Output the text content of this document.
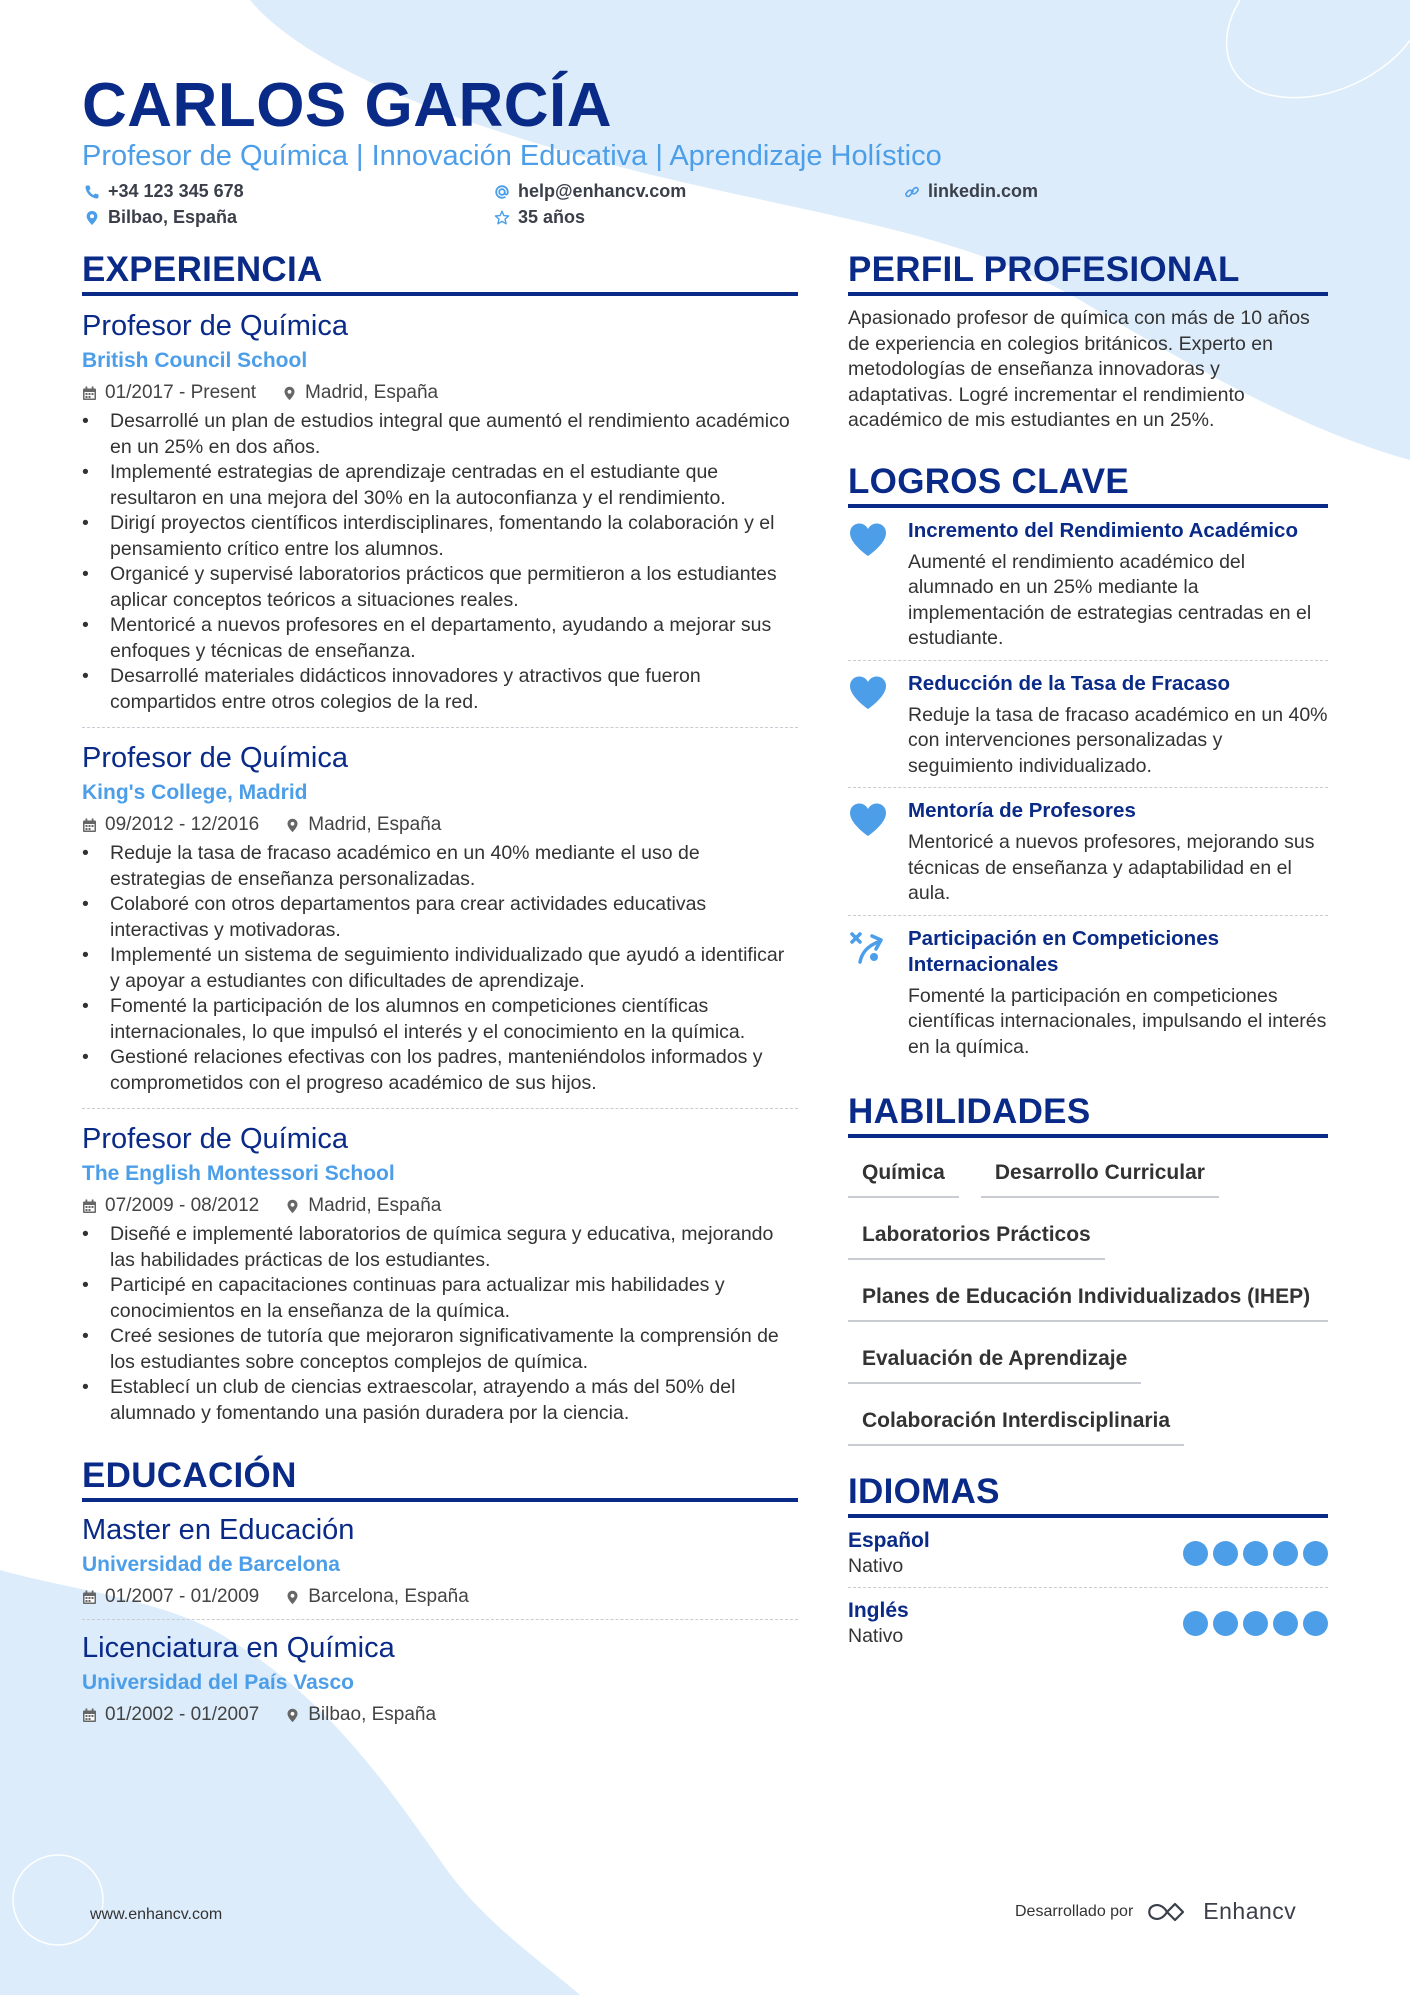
CARLOS GARCÍA
Profesor de Química | Innovación Educativa | Aprendizaje Holístico
+34 123 345 678	help@enhancv.com	linkedin.com
Bilbao, España	35 años
EXPERIENCIA
Profesor de Química
British Council School
01/2017 - Present	Madrid, España
• Desarrollé un plan de estudios integral que aumentó el rendimiento académico en un 25% en dos años.
• Implementé estrategias de aprendizaje centradas en el estudiante que resultaron en una mejora del 30% en la autoconfianza y el rendimiento.
• Dirigí proyectos científicos interdisciplinares, fomentando la colaboración y el pensamiento crítico entre los alumnos.
• Organicé y supervisé laboratorios prácticos que permitieron a los estudiantes aplicar conceptos teóricos a situaciones reales.
• Mentoricé a nuevos profesores en el departamento, ayudando a mejorar sus enfoques y técnicas de enseñanza.
• Desarrollé materiales didácticos innovadores y atractivos que fueron compartidos entre otros colegios de la red.
Profesor de Química
King's College, Madrid
09/2012 - 12/2016	Madrid, España
• Reduje la tasa de fracaso académico en un 40% mediante el uso de estrategias de enseñanza personalizadas.
• Colaboré con otros departamentos para crear actividades educativas interactivas y motivadoras.
• Implementé un sistema de seguimiento individualizado que ayudó a identificar y apoyar a estudiantes con dificultades de aprendizaje.
• Fomenté la participación de los alumnos en competiciones científicas internacionales, lo que impulsó el interés y el conocimiento en la química.
• Gestioné relaciones efectivas con los padres, manteniéndolos informados y comprometidos con el progreso académico de sus hijos.
Profesor de Química
The English Montessori School
07/2009 - 08/2012	Madrid, España
• Diseñé e implementé laboratorios de química segura y educativa, mejorando las habilidades prácticas de los estudiantes.
• Participé en capacitaciones continuas para actualizar mis habilidades y conocimientos en la enseñanza de la química.
• Creé sesiones de tutoría que mejoraron significativamente la comprensión de los estudiantes sobre conceptos complejos de química.
• Establecí un club de ciencias extraescolar, atrayendo a más del 50% del alumnado y fomentando una pasión duradera por la ciencia.
EDUCACIÓN
Master en Educación
Universidad de Barcelona
01/2007 - 01/2009	Barcelona, España
Licenciatura en Química
Universidad del País Vasco
01/2002 - 01/2007	Bilbao, España
PERFIL PROFESIONAL
Apasionado profesor de química con más de 10 años de experiencia en colegios británicos. Experto en metodologías de enseñanza innovadoras y adaptativas. Logré incrementar el rendimiento académico de mis estudiantes en un 25%.
LOGROS CLAVE
Incremento del Rendimiento Académico
Aumenté el rendimiento académico del alumnado en un 25% mediante la implementación de estrategias centradas en el estudiante.
Reducción de la Tasa de Fracaso
Reduje la tasa de fracaso académico en un 40% con intervenciones personalizadas y seguimiento individualizado.
Mentoría de Profesores
Mentoricé a nuevos profesores, mejorando sus técnicas de enseñanza y adaptabilidad en el aula.
Participación en Competiciones Internacionales
Fomenté la participación en competiciones científicas internacionales, impulsando el interés en la química.
HABILIDADES
Química	Desarrollo Curricular
Laboratorios Prácticos
Planes de Educación Individualizados (IHEP)
Evaluación de Aprendizaje
Colaboración Interdisciplinaria
IDIOMAS
Español
Nativo
Inglés
Nativo
www.enhancv.com	Desarrollado por	Enhancv
